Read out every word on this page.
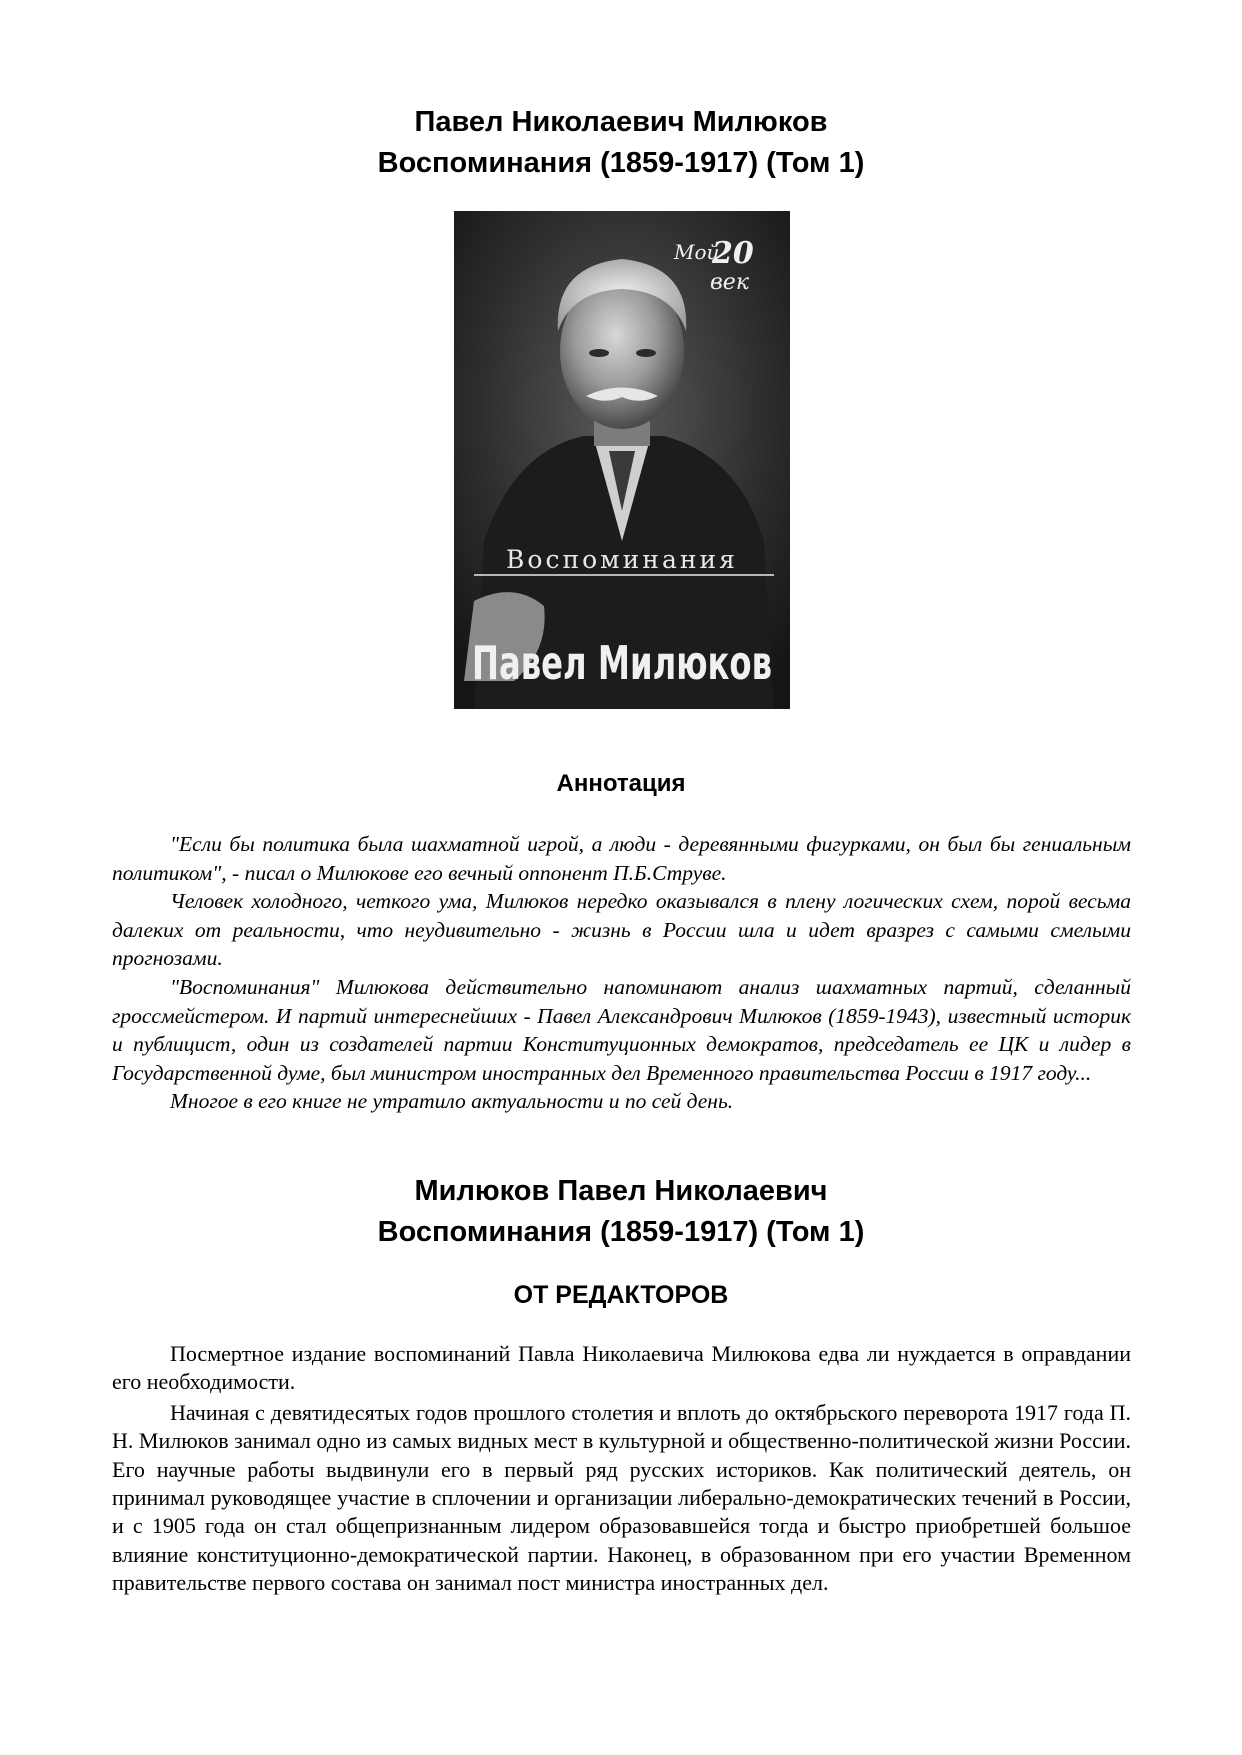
Павел Николаевич Милюков
Воспоминания (1859-1917) (Том 1)
Мой
20
век
Воспоминания
Павел Милюков
Аннотация

"Если бы политика была шахматной игрой, а люди - деревянными фигурками, он был бы гениальным политиком", - писал о Милюкове его вечный оппонент П.Б.Струве.

Человек холодного, четкого ума, Милюков нередко оказывался в плену логических схем, порой весьма далеких от реальности, что неудивительно - жизнь в России шла и идет вразрез с самыми смелыми прогнозами.

"Воспоминания" Милюкова действительно напоминают анализ шахматных партий, сделанный гроссмейстером. И партий интереснейших - Павел Александрович Милюков (1859-1943), известный историк и публицист, один из создателей партии Конституционных демократов, председатель ее ЦК и лидер в Государственной думе, был министром иностранных дел Временного правительства России в 1917 году...

Многое в его книге не утратило актуальности и по сей день.

Милюков Павел Николаевич
Воспоминания (1859-1917) (Том 1)
ОТ РЕДАКТОРОВ

Посмертное издание воспоминаний Павла Николаевича Милюкова едва ли нуждается в оправдании его необходимости.

Начиная с девятидесятых годов прошлого столетия и вплоть до октябрьского переворота 1917 года П. Н. Милюков занимал одно из самых видных мест в культурной и общественно-политической жизни России. Его научные работы выдвинули его в первый ряд русских историков. Как политический деятель, он принимал руководящее участие в сплочении и организации либерально-демократических течений в России, и с 1905 года он стал общепризнанным лидером образовавшейся тогда и быстро приобретшей большое влияние конституционно-демократической партии. Наконец, в образованном при его участии Временном правительстве первого состава он занимал пост министра иностранных дел.
